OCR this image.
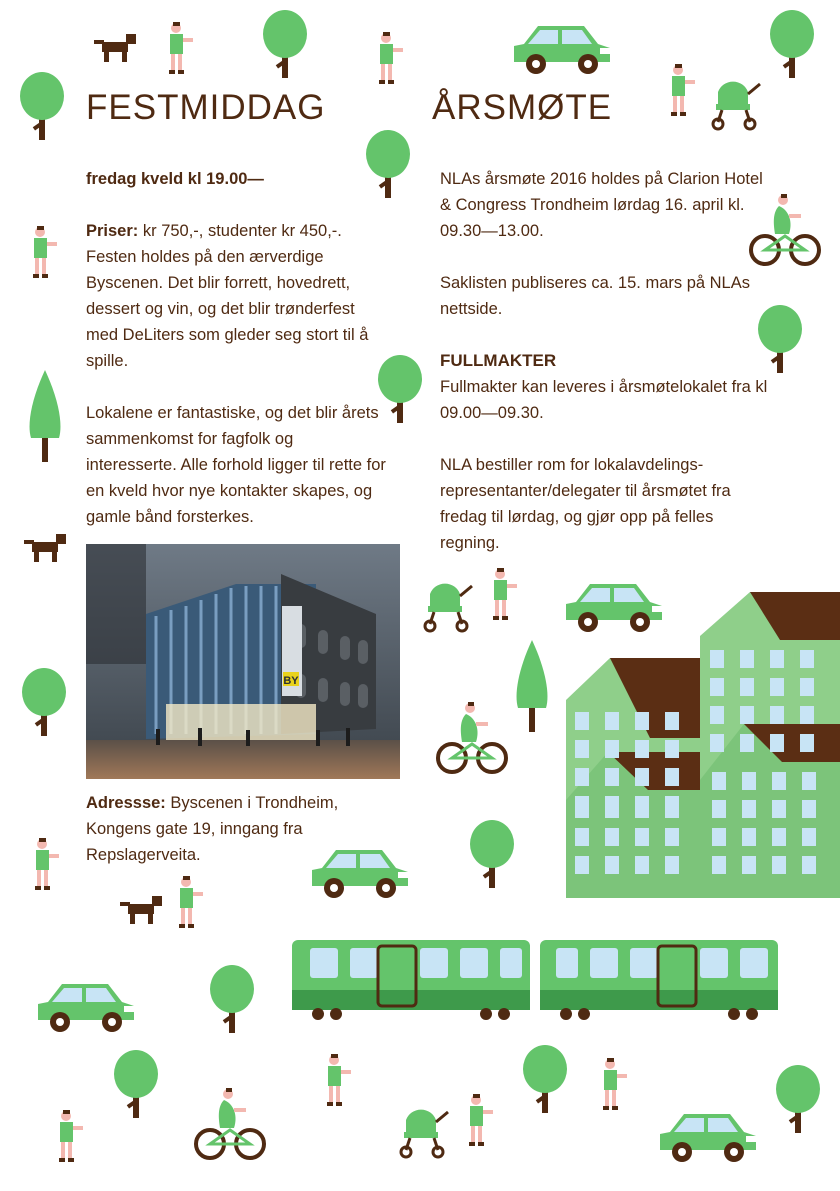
FESTMIDDAG	ÅRSMØTE

fredag kveld kl 19.00—

Priser: kr 750,-, studenter kr 450,-. Festen holdes på den ærverdige Byscenen. Det blir forrett, hovedrett, dessert og vin, og det blir trønderfest med DeLiters som gleder seg stort til å spille.

Lokalene er fantastiske, og det blir årets sammenkomst for fagfolk og interesserte. Alle forhold ligger til rette for en kveld hvor nye kontakter skapes, og gamle bånd forsterkes.

BY

Adressse: Byscenen i Trondheim, Kongens gate 19, inngang fra Repslagerveita.

NLAs årsmøte 2016 holdes på Clarion Hotel & Congress Trondheim lørdag 16. april kl. 09.30—13.00.

Saklisten publiseres ca. 15. mars på NLAs nettside.

FULLMAKTER

Fullmakter kan leveres i årsmøtelokalet fra kl 09.00—09.30.

NLA bestiller rom for lokalavdelings-representanter/delegater til årsmøtet fra fredag til lørdag, og gjør opp på felles regning.
